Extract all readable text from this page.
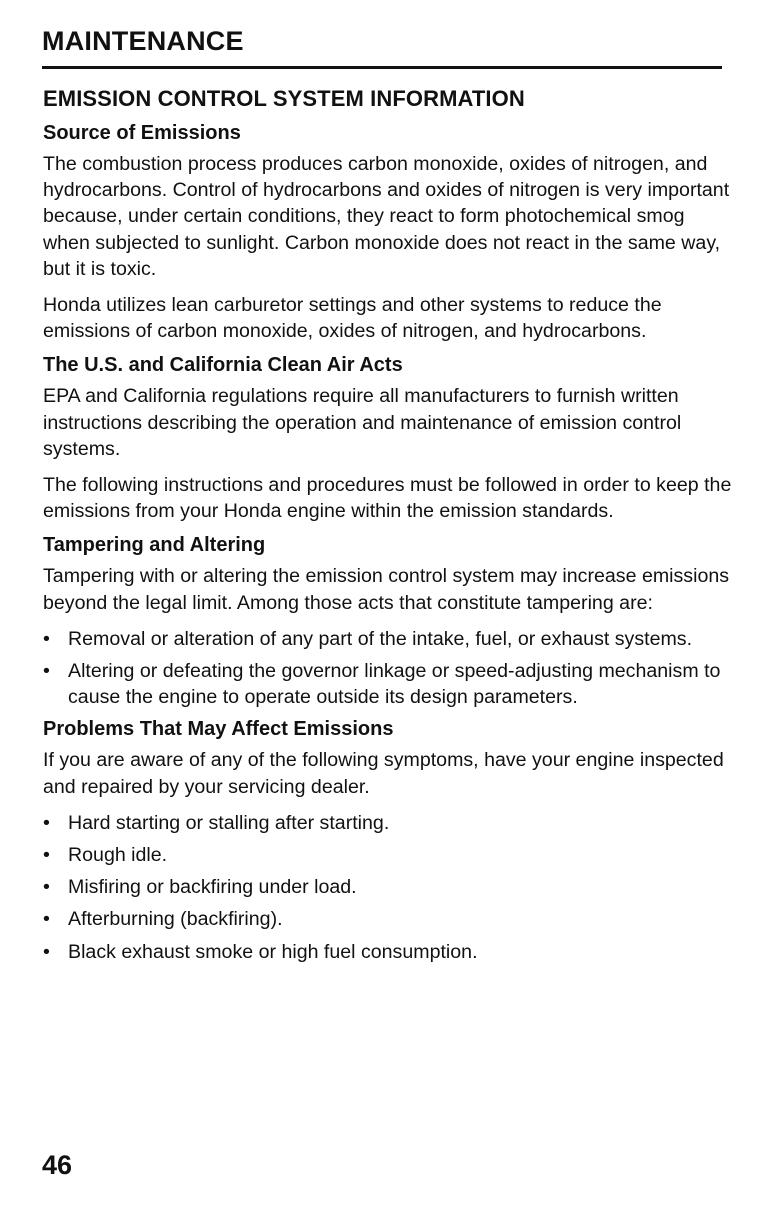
MAINTENANCE
EMISSION CONTROL SYSTEM INFORMATION
Source of Emissions

The combustion process produces carbon monoxide, oxides of nitrogen, and hydrocarbons. Control of hydrocarbons and oxides of nitrogen is very important because, under certain conditions, they react to form photochemical smog when subjected to sunlight. Carbon monoxide does not react in the same way, but it is toxic.

Honda utilizes lean carburetor settings and other systems to reduce the emissions of carbon monoxide, oxides of nitrogen, and hydrocarbons.

The U.S. and California Clean Air Acts

EPA and California regulations require all manufacturers to furnish written instructions describing the operation and maintenance of emission control systems.

The following instructions and procedures must be followed in order to keep the emissions from your Honda engine within the emission standards.

Tampering and Altering

Tampering with or altering the emission control system may increase emissions beyond the legal limit. Among those acts that constitute tampering are:

• Removal or alteration of any part of the intake, fuel, or exhaust systems.
• Altering or defeating the governor linkage or speed-adjusting mechanism to cause the engine to operate outside its design parameters.
Problems That May Affect Emissions

If you are aware of any of the following symptoms, have your engine inspected and repaired by your servicing dealer.

• Hard starting or stalling after starting.
• Rough idle.
• Misfiring or backfiring under load.
• Afterburning (backfiring).
• Black exhaust smoke or high fuel consumption.
46
